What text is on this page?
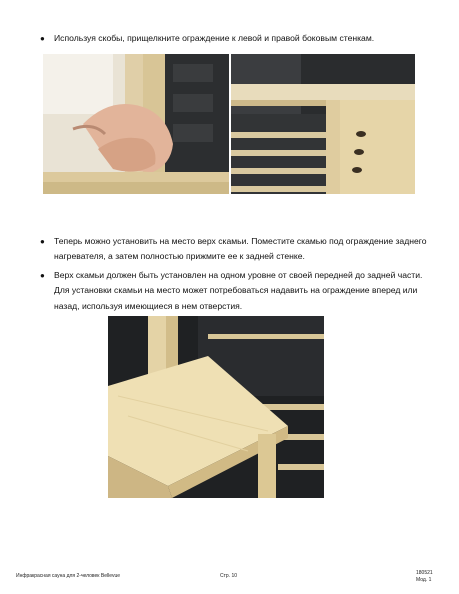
● Используя скобы, прищелкните ограждение к левой и правой боковым стенкам.
● Теперь можно установить на место верх скамьи. Поместите скамью под ограждение заднего нагревателя, а затем полностью прижмите ее к задней стенке.
● Верх скамьи должен быть установлен на одном уровне от своей передней до задней части. Для установки скамьи на место может потребоваться надавить на ограждение вперед или назад, используя имеющиеся в нем отверстия.
Инфракрасная сауна для 2-человек Bellevue	Стр. 10	180521
Мод. 1
